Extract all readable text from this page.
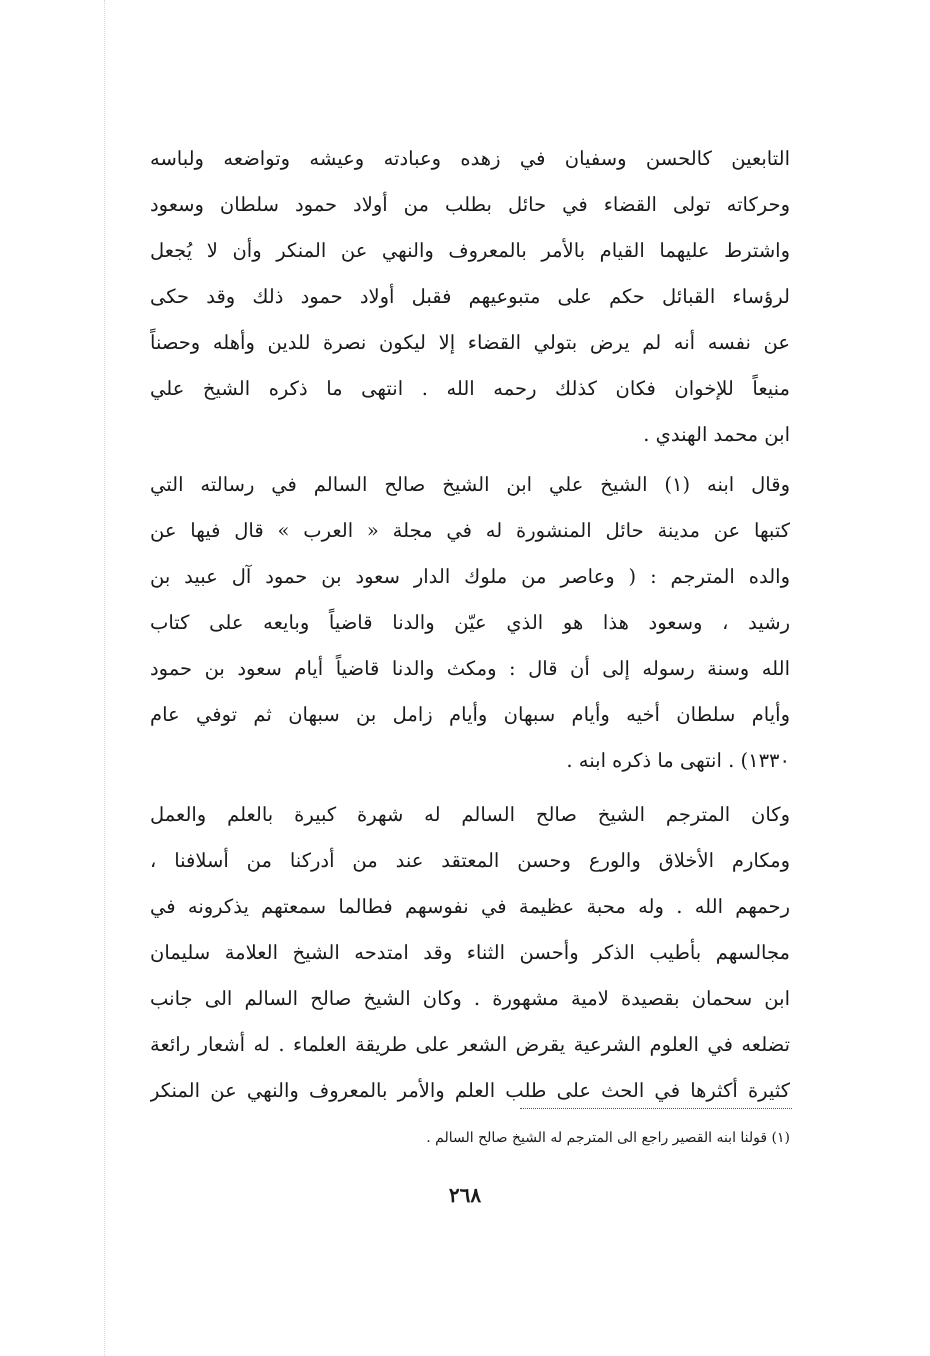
التابعين كالحسن وسفيان في زهده وعبادته وعيشه وتواضعه ولباسه
وحركاته تولى القضاء في حائل بطلب من أولاد حمود سلطان وسعود
واشترط عليهما القيام بالأمر بالمعروف والنهي عن المنكر وأن لا يُجعل
لرؤساء القبائل حكم على متبوعيهم فقبل أولاد حمود ذلك وقد حكى
عن نفسه أنه لم يرض بتولي القضاء إلا ليكون نصرة للدين وأهله وحصناً
منيعاً للإخوان فكان كذلك رحمه الله . انتهى ما ذكره الشيخ علي
ابن محمد الهندي .
وقال ابنه (١) الشيخ علي ابن الشيخ صالح السالم في رسالته التي
كتبها عن مدينة حائل المنشورة له في مجلة « العرب » قال فيها عن
والده المترجم : ( وعاصر من ملوك الدار سعود بن حمود آل عبيد بن
رشيد ، وسعود هذا هو الذي عيّن والدنا قاضياً وبايعه على كتاب
الله وسنة رسوله إلى أن قال : ومكث والدنا قاضياً أيام سعود بن حمود
وأيام سلطان أخيه وأيام سبهان وأيام زامل بن سبهان ثم توفي عام
١٣٣٠) . انتهى ما ذكره ابنه .
وكان المترجم الشيخ صالح السالم له شهرة كبيرة بالعلم والعمل
ومكارم الأخلاق والورع وحسن المعتقد عند من أدركنا من أسلافنا ،
رحمهم الله . وله محبة عظيمة في نفوسهم فطالما سمعتهم يذكرونه في
مجالسهم بأطيب الذكر وأحسن الثناء وقد امتدحه الشيخ العلامة سليمان
ابن سحمان بقصيدة لامية مشهورة . وكان الشيخ صالح السالم الى جانب
تضلعه في العلوم الشرعية يقرض الشعر على طريقة العلماء . له أشعار رائعة
كثيرة أكثرها في الحث على طلب العلم والأمر بالمعروف والنهي عن المنكر
(١) قولنا ابنه القصير راجع الى المترجم له الشيخ صالح السالم .
٢٦٨
